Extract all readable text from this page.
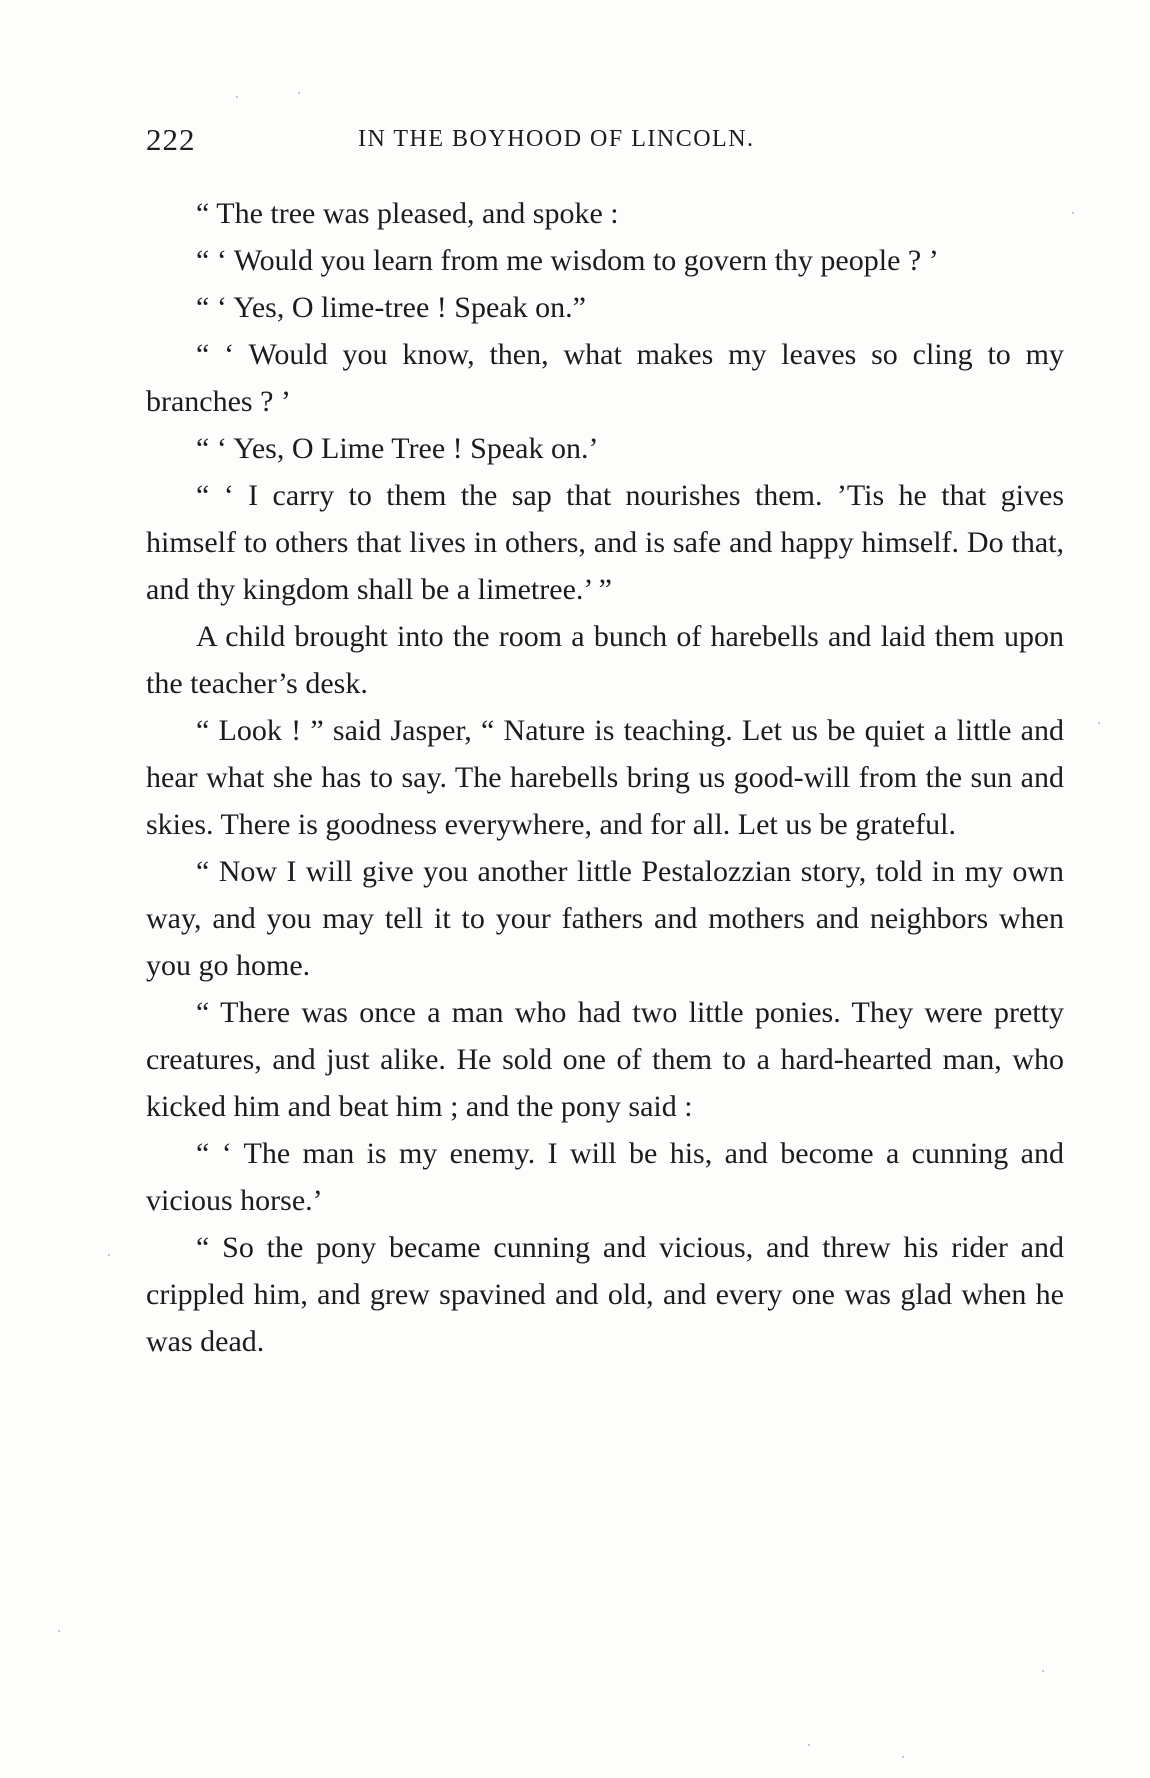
222	IN THE BOYHOOD OF LINCOLN.

“ The tree was pleased, and spoke :

“ ‘ Would you learn from me wisdom to govern thy people ? ’

“ ‘ Yes, O lime-tree ! Speak on.”

“ ‘ Would you know, then, what makes my leaves so cling to my branches ? ’

“ ‘ Yes, O Lime Tree ! Speak on.’

“ ‘ I carry to them the sap that nourishes them. ’Tis he that gives himself to others that lives in others, and is safe and happy himself. Do that, and thy kingdom shall be a limetree.’ ”

A child brought into the room a bunch of harebells and laid them upon the teacher’s desk.

“ Look ! ” said Jasper, “ Nature is teaching. Let us be quiet a little and hear what she has to say. The harebells bring us good-will from the sun and skies. There is goodness everywhere, and for all. Let us be grateful.

“ Now I will give you another little Pestalozzian story, told in my own way, and you may tell it to your fathers and mothers and neighbors when you go home.

“ There was once a man who had two little ponies. They were pretty creatures, and just alike. He sold one of them to a hard-hearted man, who kicked him and beat him ; and the pony said :

“ ‘ The man is my enemy. I will be his, and become a cunning and vicious horse.’

“ So the pony became cunning and vicious, and threw his rider and crippled him, and grew spavined and old, and every one was glad when he was dead.
